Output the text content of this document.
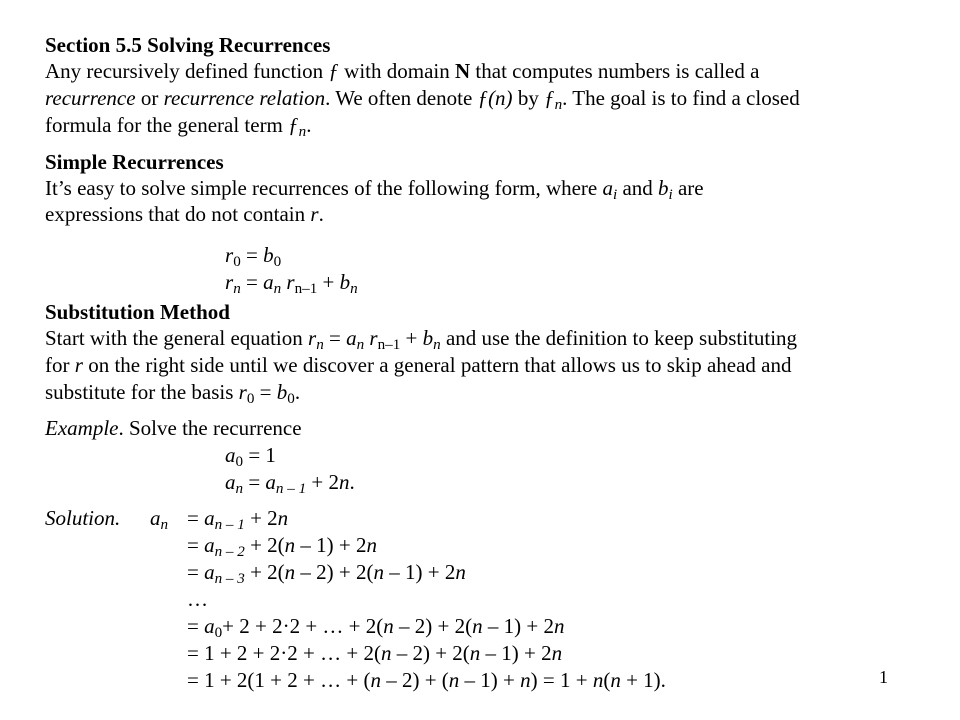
Section 5.5 Solving Recurrences
Any recursively defined function ƒ with domain N that computes numbers is called a
recurrence or recurrence relation. We often denote ƒ(n) by $ƒ_n$. The goal is to find a closed
formula for the general term $ƒ_n$.
Simple Recurrences
It’s easy to solve simple recurrences of the following form, where $a_i$ and $b_i$ are
expressions that do not contain r.
$r_0 = b_0$
$r_n = a_n$ $r_{n-1} + b_n$
Substitution Method
Start with the general equation $r_n = a_n$ $r_{n-1} + b_n$ and use the definition to keep substituting
for r on the right side until we discover a general pattern that allows us to skip ahead and
substitute for the basis $r_0 = b_0$.
Example. Solve the recurrence
$a_0 = 1$
$a_n = a_{n - 1} + 2n$.
Solution. $a_n = a_{n - 1} + 2n$
= $a_{n - 2} + 2(n - 1) + 2n$
= $a_{n - 3} + 2(n - 2) + 2(n - 1) + 2n$
…
= $a_0+ 2 + 2\cdot 2$ + … + 2(n – 2) + 2(n – 1) + 2n
= 1 + 2 + 2·2 + … + 2(n – 2) + 2(n – 1) + 2n
= 1 + 2(1 + 2 + … + (n – 2) + (n – 1) + n) = 1 + n(n + 1).	1
